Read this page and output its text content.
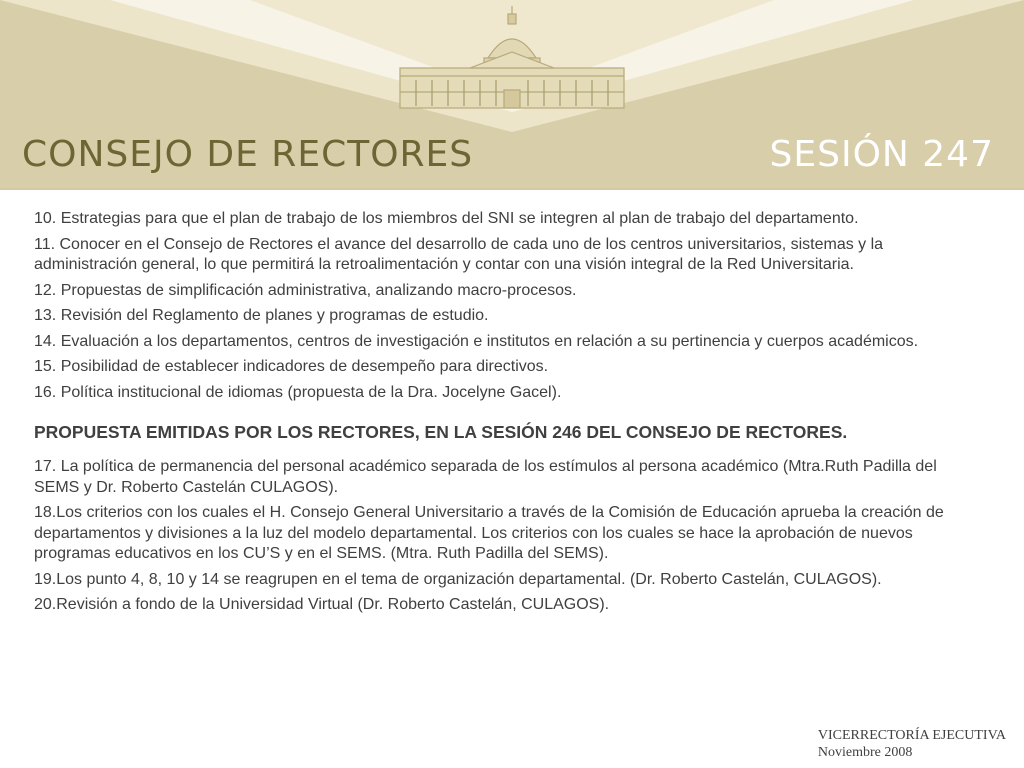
CONSEJO DE RECTORES	SESIÓN 247
10. Estrategias para que el plan de trabajo de los miembros del SNI se integren al plan de trabajo del departamento.
11. Conocer en el Consejo de Rectores el avance del desarrollo de cada uno de los centros universitarios, sistemas y la administración general, lo que permitirá la retroalimentación y contar con una visión integral de la Red Universitaria.
12. Propuestas de simplificación administrativa, analizando macro-procesos.
13. Revisión del Reglamento de planes y programas de estudio.
14. Evaluación a los departamentos, centros de investigación e institutos en relación a su pertinencia y cuerpos académicos.
15. Posibilidad de establecer indicadores de desempeño para directivos.
16. Política institucional de idiomas (propuesta de la Dra. Jocelyne Gacel).
PROPUESTA EMITIDAS POR LOS RECTORES, EN LA SESIÓN 246 DEL CONSEJO DE RECTORES.
17. La política de permanencia del personal académico separada de los estímulos al persona académico (Mtra.Ruth Padilla del SEMS y Dr. Roberto Castelán CULAGOS).
18.Los criterios con los cuales el H. Consejo General Universitario a través de la Comisión de Educación aprueba la creación de departamentos y divisiones a la luz del modelo departamental. Los criterios con los cuales se hace la aprobación de nuevos programas educativos en los CU’S y en el SEMS. (Mtra. Ruth Padilla del SEMS).
19.Los punto 4, 8, 10 y 14 se reagrupen en el tema de organización departamental. (Dr. Roberto Castelán, CULAGOS).
20.Revisión a fondo de la Universidad Virtual (Dr. Roberto Castelán, CULAGOS).
VICERRECTORÍA EJECUTIVA
Noviembre 2008
